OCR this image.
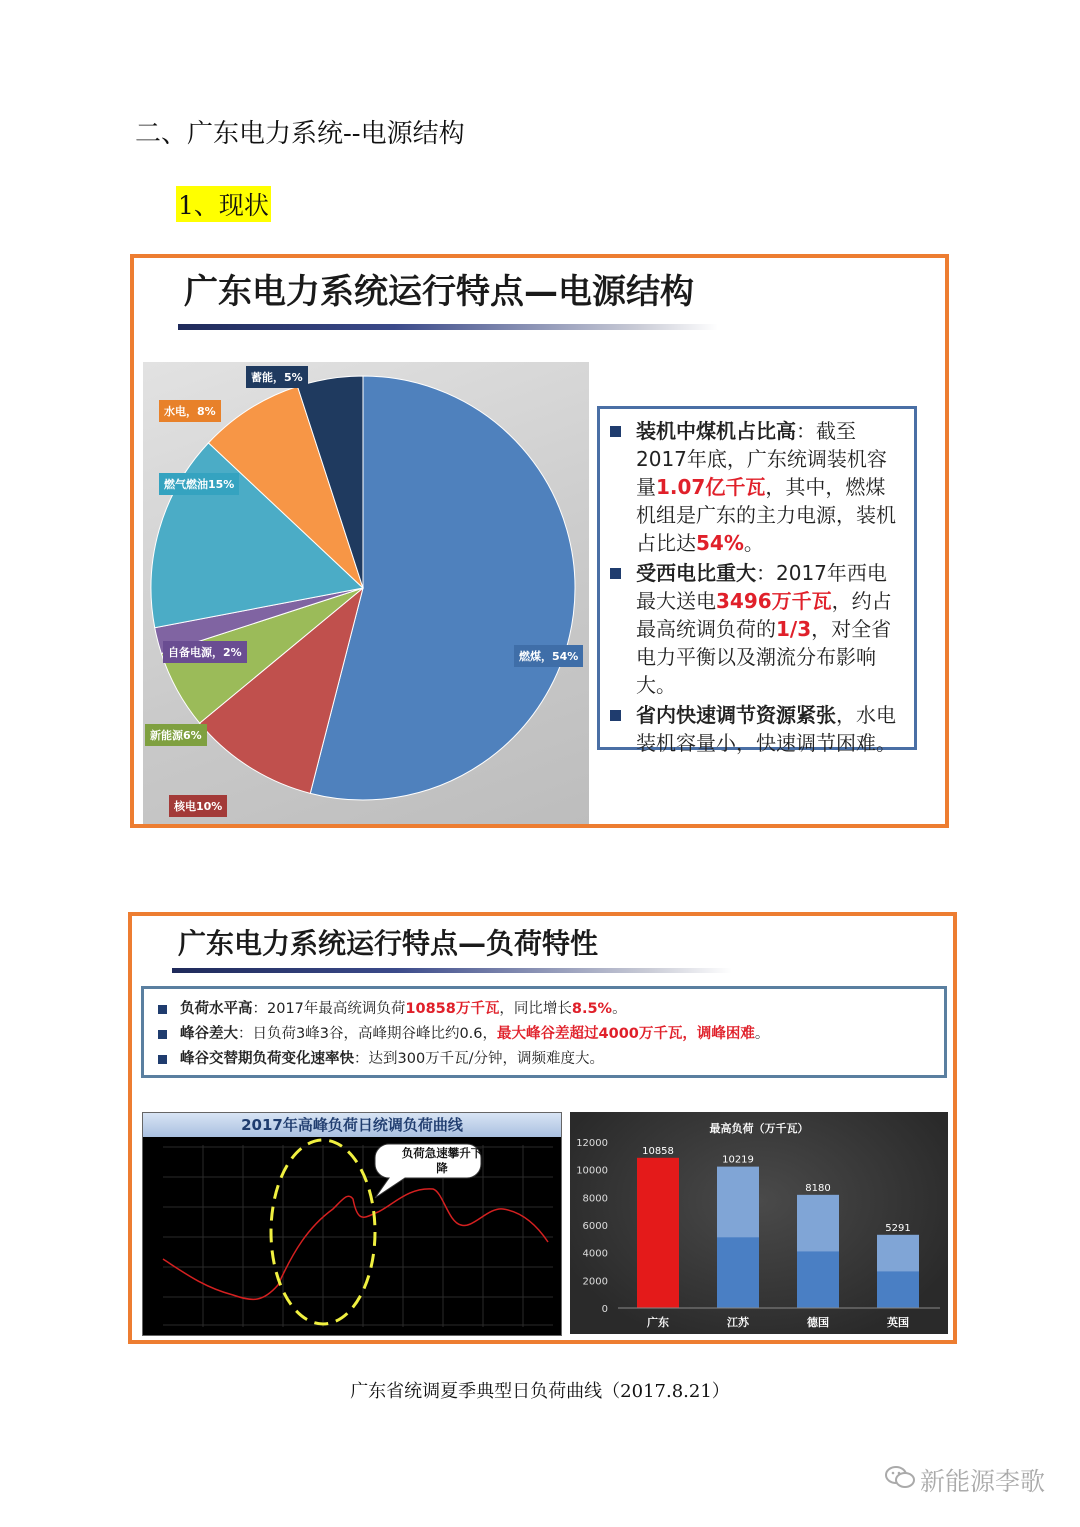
二、广东电力系统--电源结构
1、现状
广东电力系统运行特点—电源结构
蓄能，5%
水电，8%
燃气燃油15%
自备电源，2%
新能源6%
核电10%
燃煤，54%
装机中煤机占比高：截至2017年底，广东统调装机容量1.07亿千瓦，其中，燃煤机组是广东的主力电源，装机占比达54%。
受西电比重大：2017年西电最大送电3496万千瓦，约占最高统调负荷的1/3，对全省电力平衡以及潮流分布影响大。
省内快速调节资源紧张，水电装机容量小，快速调节困难。
广东电力系统运行特点—负荷特性
负荷水平高：2017年最高统调负荷10858万千瓦，同比增长8.5%。
峰谷差大：日负荷3峰3谷，高峰期谷峰比约0.6，最大峰谷差超过4000万千瓦，调峰困难。
峰谷交替期负荷变化速率快：达到300万千瓦/分钟，调频难度大。
2017年高峰负荷日统调负荷曲线
负荷急速攀升下降
最高负荷（万千瓦）
0
2000
4000
6000
8000
10000
12000
10858
广东
10219
江苏
8180
德国
5291
英国
广东省统调夏季典型日负荷曲线（2017.8.21）
新能源李歌
